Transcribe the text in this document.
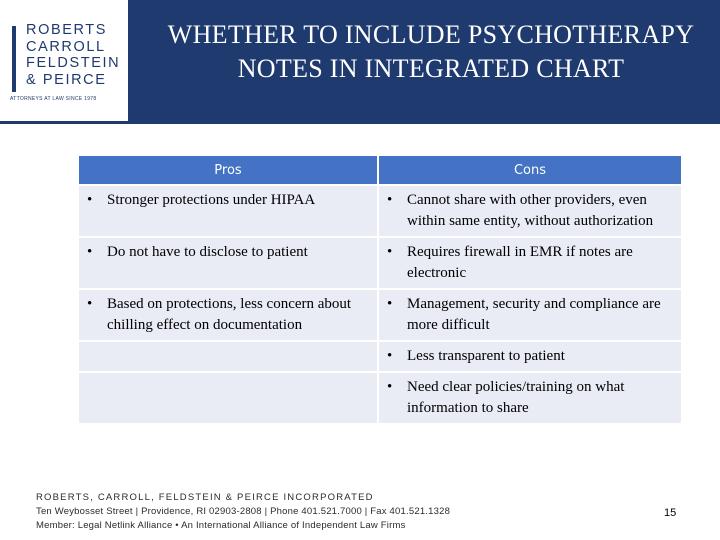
ROBERTS
CARROLL
FELDSTEIN
& PEIRCE
ATTORNEYS AT LAW SINCE 1978
WHETHER TO INCLUDE PSYCHOTHERAPY NOTES IN INTEGRATED CHART
Pros	Cons

• Stronger protections under HIPAA	• Cannot share with other providers, even within same entity, without authorization

• Do not have to disclose to patient	• Requires firewall in EMR if notes are electronic

• Based on protections, less concern about chilling effect on documentation	• Management, security and compliance are more difficult

	• Less transparent to patient

	• Need clear policies/training on what information to share
ROBERTS, CARROLL, FELDSTEIN & PEIRCE INCORPORATED
Ten Weybosset Street | Providence, RI 02903-2808 | Phone 401.521.7000 | Fax 401.521.1328
Member: Legal Netlink Alliance • An International Alliance of Independent Law Firms
15
